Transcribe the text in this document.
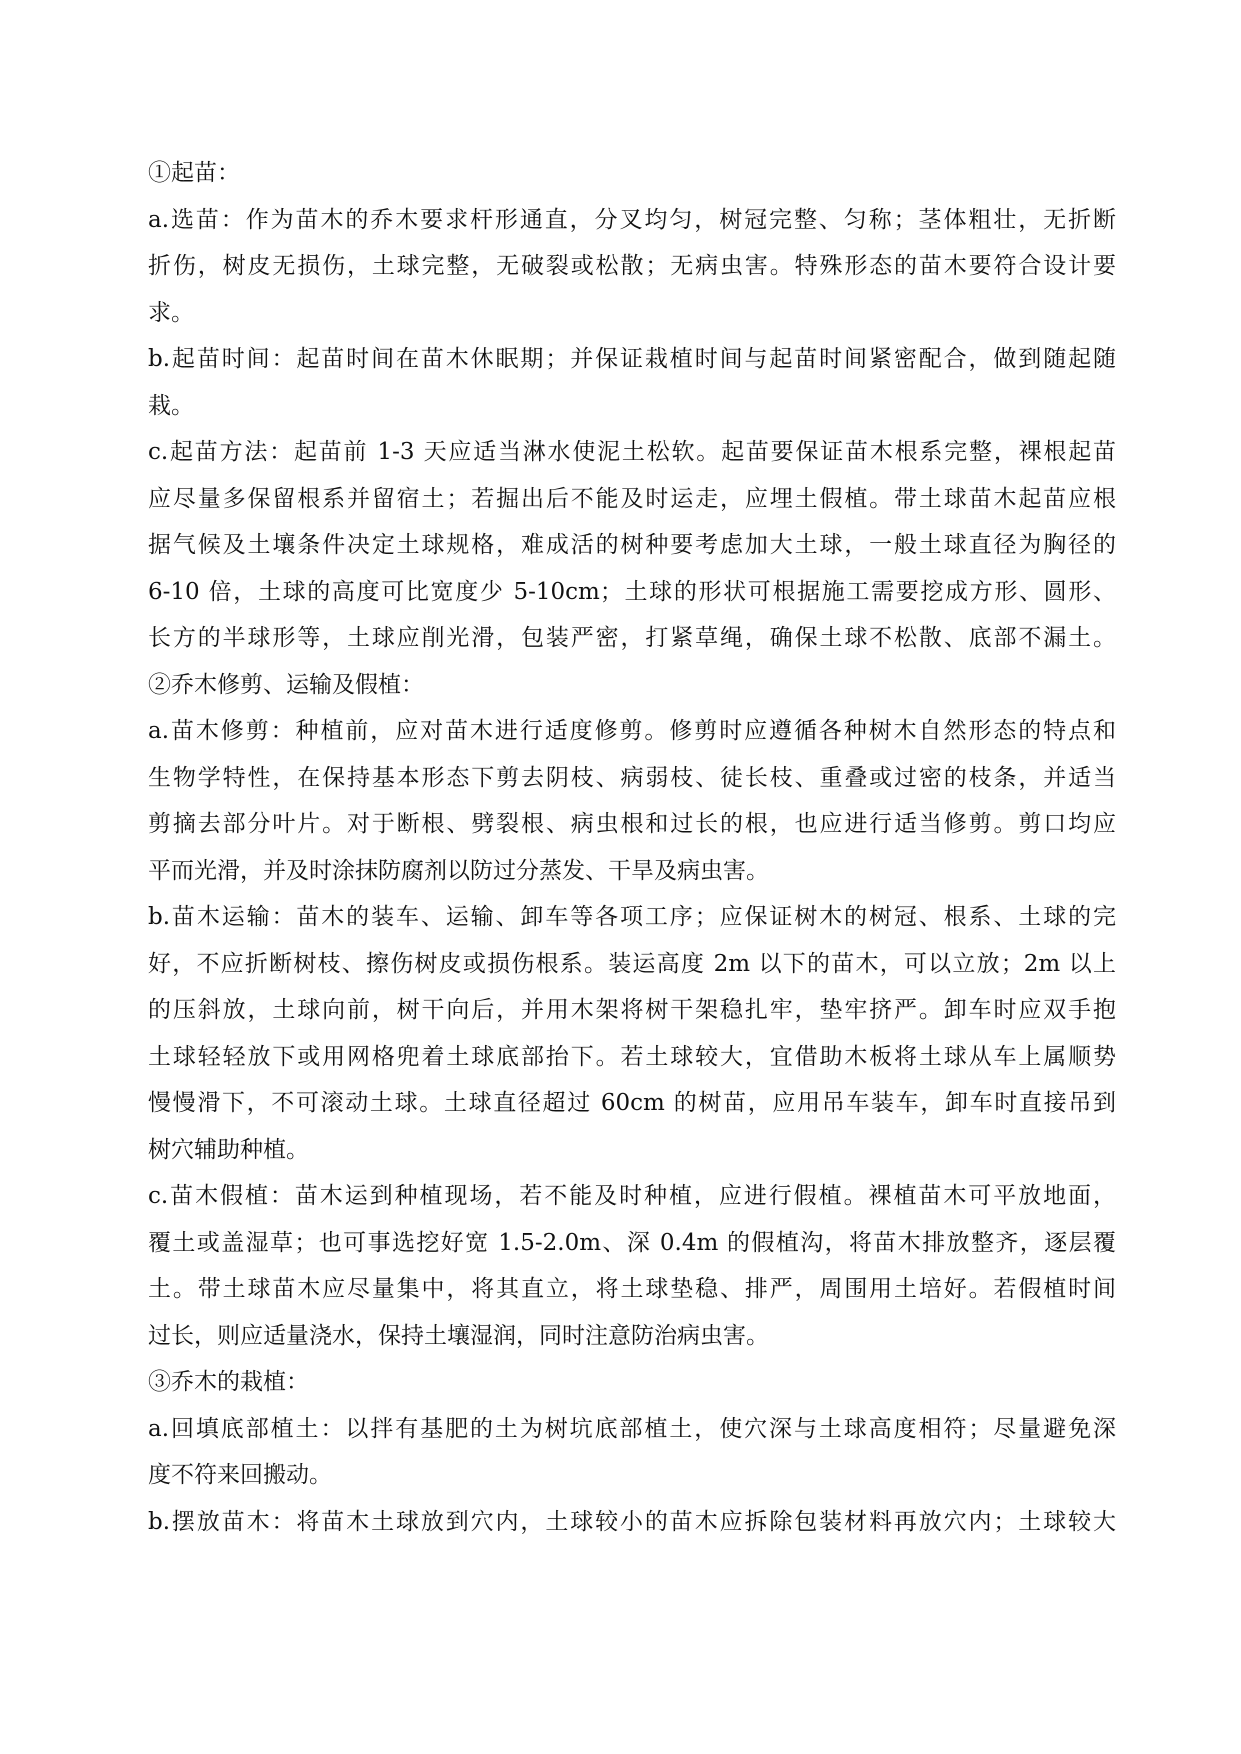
①起苗：
a.选苗：作为苗木的乔木要求杆形通直，分叉均匀，树冠完整、匀称；茎体粗壮，无折断
折伤，树皮无损伤，土球完整，无破裂或松散；无病虫害。特殊形态的苗木要符合设计要
求。
b.起苗时间：起苗时间在苗木休眠期；并保证栽植时间与起苗时间紧密配合，做到随起随
栽。
c.起苗方法：起苗前 1-3 天应适当淋水使泥土松软。起苗要保证苗木根系完整，裸根起苗
应尽量多保留根系并留宿土；若掘出后不能及时运走，应埋土假植。带土球苗木起苗应根
据气候及土壤条件决定土球规格，难成活的树种要考虑加大土球，一般土球直径为胸径的
6-10 倍，土球的高度可比宽度少 5-10cm；土球的形状可根据施工需要挖成方形、圆形、
长方的半球形等，土球应削光滑，包装严密，打紧草绳，确保土球不松散、底部不漏土。
②乔木修剪、运输及假植：
a.苗木修剪：种植前，应对苗木进行适度修剪。修剪时应遵循各种树木自然形态的特点和
生物学特性，在保持基本形态下剪去阴枝、病弱枝、徒长枝、重叠或过密的枝条，并适当
剪摘去部分叶片。对于断根、劈裂根、病虫根和过长的根，也应进行适当修剪。剪口均应
平而光滑，并及时涂抹防腐剂以防过分蒸发、干旱及病虫害。
b.苗木运输：苗木的装车、运输、卸车等各项工序；应保证树木的树冠、根系、土球的完
好，不应折断树枝、擦伤树皮或损伤根系。装运高度 2m 以下的苗木，可以立放；2m 以上
的压斜放，土球向前，树干向后，并用木架将树干架稳扎牢，垫牢挤严。卸车时应双手抱
土球轻轻放下或用网格兜着土球底部抬下。若土球较大，宜借助木板将土球从车上属顺势
慢慢滑下，不可滚动土球。土球直径超过 60cm 的树苗，应用吊车装车，卸车时直接吊到
树穴辅助种植。
c.苗木假植：苗木运到种植现场，若不能及时种植，应进行假植。裸植苗木可平放地面，
覆土或盖湿草；也可事选挖好宽 1.5-2.0m、深 0.4m 的假植沟，将苗木排放整齐，逐层覆
土。带土球苗木应尽量集中，将其直立，将土球垫稳、排严，周围用土培好。若假植时间
过长，则应适量浇水，保持土壤湿润，同时注意防治病虫害。
③乔木的栽植：
a.回填底部植土：以拌有基肥的土为树坑底部植土，使穴深与土球高度相符；尽量避免深
度不符来回搬动。
b.摆放苗木：将苗木土球放到穴内，土球较小的苗木应拆除包装材料再放穴内；土球较大
